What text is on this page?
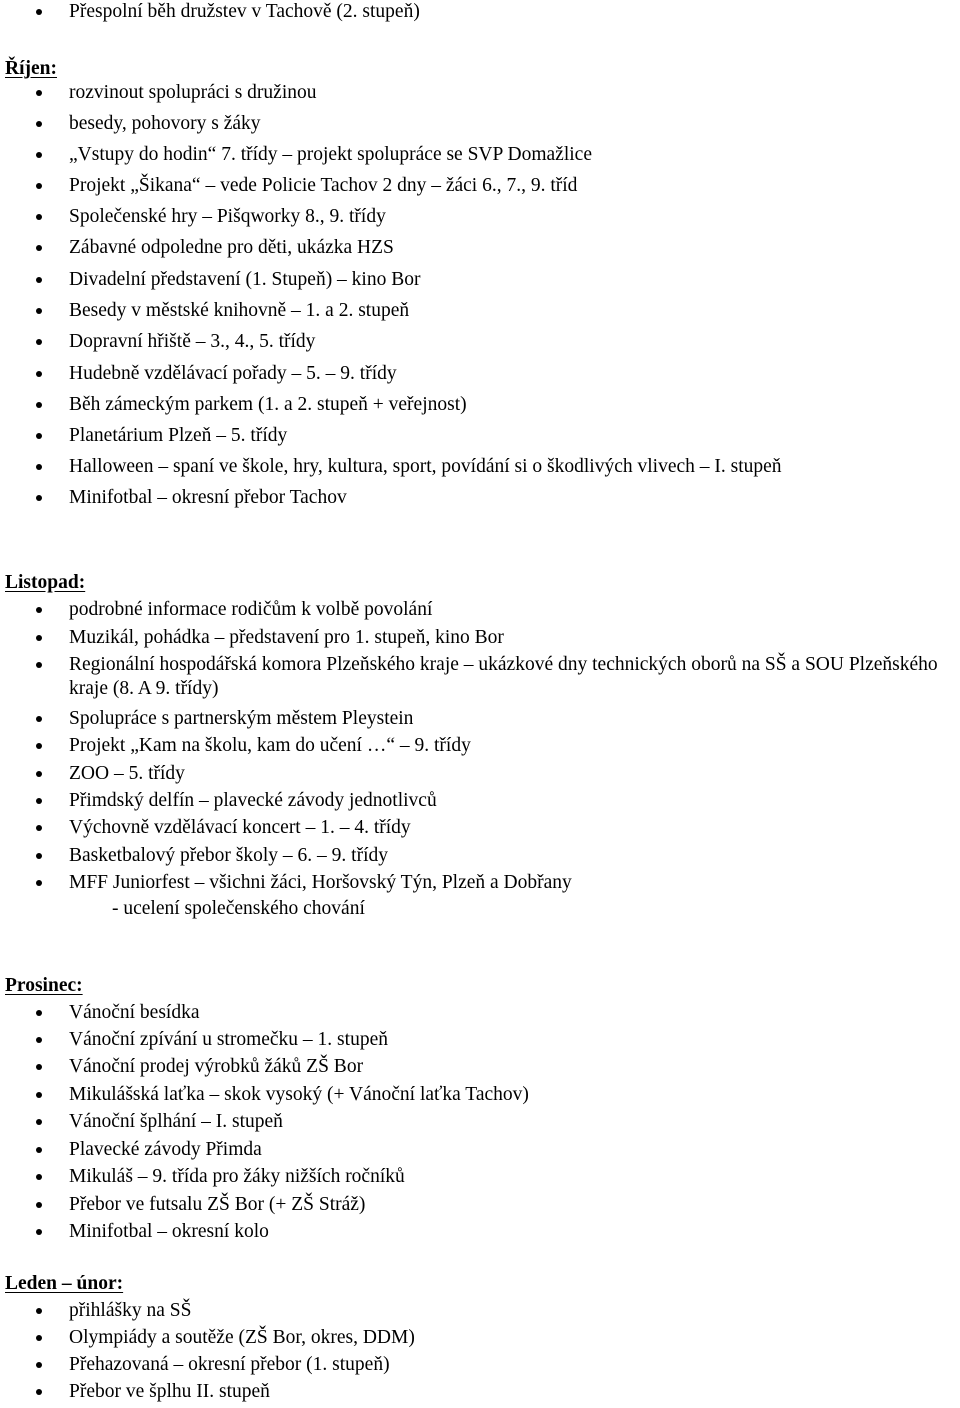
Přespolní běh družstev v Tachově (2. stupeň)
Říjen:
rozvinout spolupráci s družinou
besedy, pohovory s žáky
„Vstupy do hodin“ 7. třídy – projekt spolupráce se SVP Domažlice
Projekt „Šikana“ – vede Policie Tachov 2 dny – žáci 6., 7., 9. tříd
Společenské hry – Pišqworky 8., 9. třídy
Zábavné odpoledne pro děti, ukázka HZS
Divadelní představení (1. Stupeň) – kino Bor
Besedy v městské knihovně – 1. a 2. stupeň
Dopravní hřiště – 3., 4., 5. třídy
Hudebně vzdělávací pořady – 5. – 9. třídy
Běh zámeckým parkem (1. a 2. stupeň + veřejnost)
Planetárium Plzeň – 5. třídy
Halloween – spaní ve škole, hry, kultura, sport, povídání si o škodlivých vlivech – I. stupeň
Minifotbal – okresní přebor Tachov
Listopad:
podrobné informace rodičům k volbě povolání
Muzikál, pohádka – představení pro 1. stupeň, kino Bor
Regionální hospodářská komora Plzeňského kraje – ukázkové dny technických oborů na SŠ a SOU Plzeňského kraje (8. A 9. třídy)
Spolupráce s partnerským městem Pleystein
Projekt „Kam na školu, kam do učení …“ – 9. třídy
ZOO – 5. třídy
Přimdský delfín – plavecké závody jednotlivců
Výchovně vzdělávací koncert – 1. – 4. třídy
Basketbalový přebor školy – 6. – 9. třídy
MFF Juniorfest – všichni žáci, Horšovský Týn, Plzeň a Dobřany
- ucelení společenského chování
Prosinec:
Vánoční besídka
Vánoční zpívání u stromečku – 1. stupeň
Vánoční prodej výrobků žáků ZŠ Bor
Mikulášská laťka – skok vysoký (+ Vánoční laťka Tachov)
Vánoční šplhání – I. stupeň
Plavecké závody Přimda
Mikuláš – 9. třída pro žáky nižších ročníků
Přebor ve futsalu ZŠ Bor (+ ZŠ Stráž)
Minifotbal – okresní kolo
Leden – únor:
přihlášky na SŠ
Olympiády a soutěže (ZŠ Bor, okres, DDM)
Přehazovaná – okresní přebor (1. stupeň)
Přebor ve šplhu II. stupeň
